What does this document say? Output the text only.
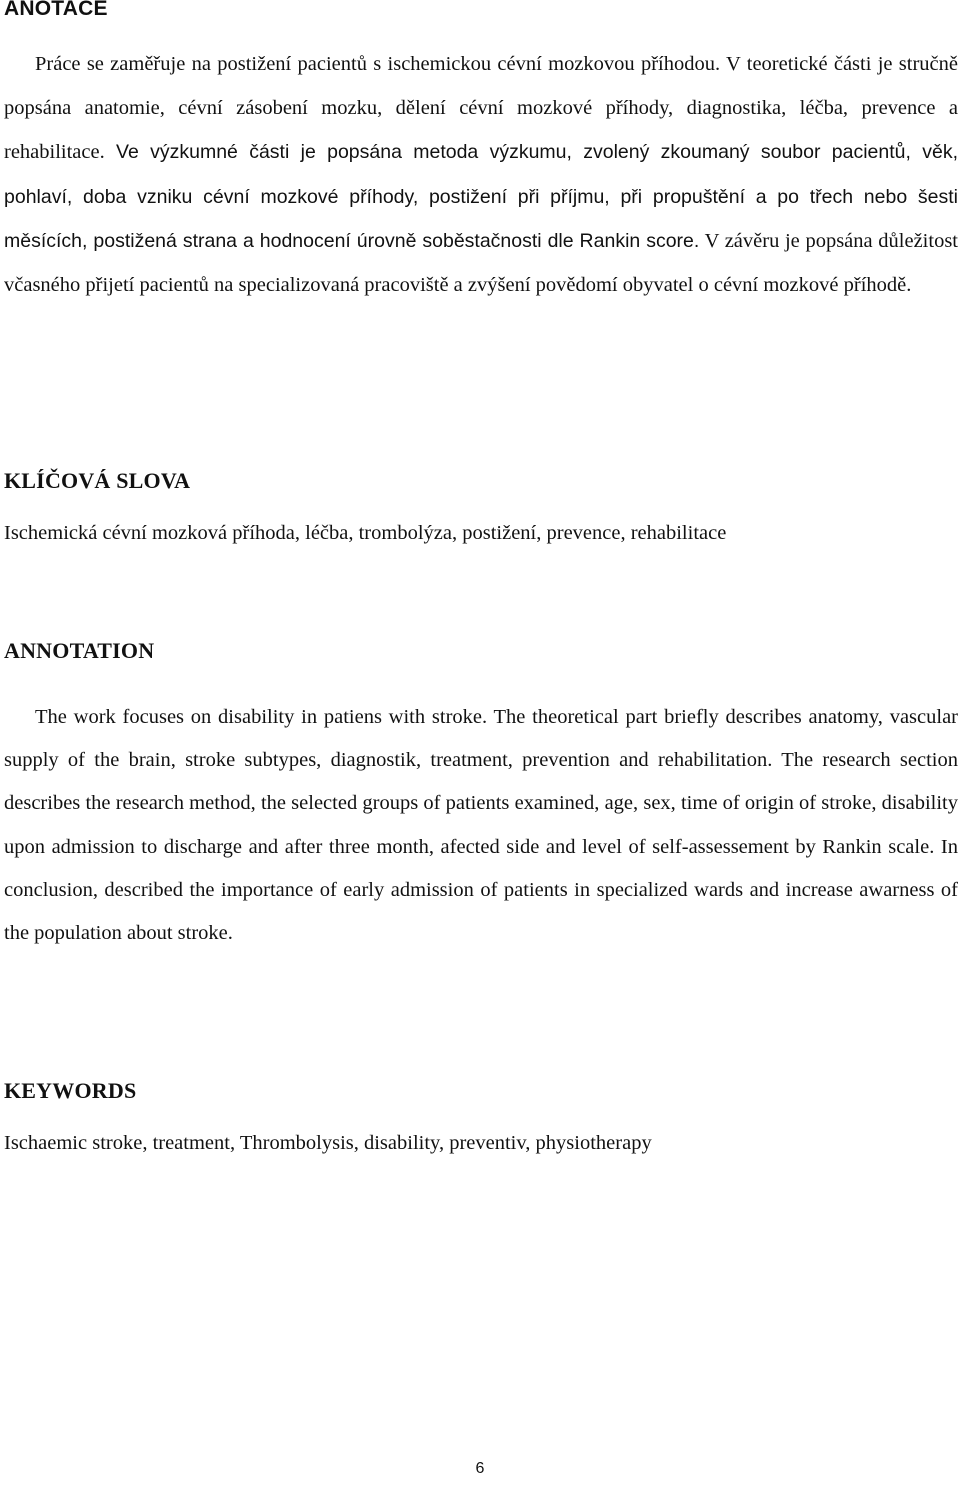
ANOTACE

Práce se zaměřuje na postižení pacientů s ischemickou cévní mozkovou příhodou. V teoretické části je stručně popsána anatomie, cévní zásobení mozku, dělení cévní mozkové příhody, diagnostika, léčba, prevence a rehabilitace. Ve výzkumné části je popsána metoda výzkumu, zvolený zkoumaný soubor pacientů, věk, pohlaví, doba vzniku cévní mozkové příhody, postižení při příjmu, při propuštění a po třech nebo šesti měsících, postižená strana a hodnocení úrovně soběstačnosti dle Rankin score. V závěru je popsána důležitost včasného přijetí pacientů na specializovaná pracoviště a zvýšení povědomí obyvatel o cévní mozkové příhodě.

KLÍČOVÁ SLOVA

Ischemická cévní mozková příhoda, léčba, trombolýza, postižení, prevence, rehabilitace

ANNOTATION

The work focuses on disability in patiens with stroke. The theoretical part briefly describes anatomy, vascular supply of the brain, stroke subtypes, diagnostik, treatment, prevention and rehabilitation. The research section describes the research method, the selected groups of patients examined, age, sex, time of origin of stroke, disability upon admission to discharge and after three month, afected side and level of self-assessement by Rankin scale. In conclusion, described the importance of early admission of patients in specialized wards and increase awarness of the population about stroke.

KEYWORDS

Ischaemic stroke, treatment, Thrombolysis, disability, preventiv, physiotherapy

6
